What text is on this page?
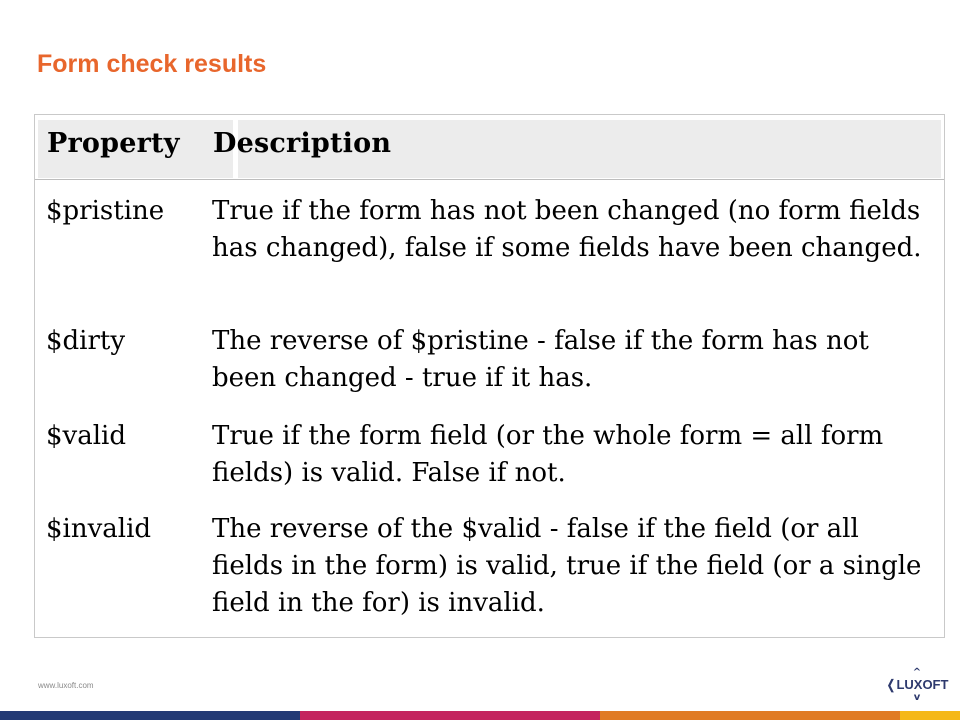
Form check results
Property Description
$pristine	True if the form has not been changed (no form fields has changed), false if some fields have been changed.
$dirty	The reverse of $pristine - false if the form has not been changed - true if it has.
$valid	True if the form field (or the whole form = all form fields) is valid. False if not.
$invalid	The reverse of the $valid - false if the field (or all fields in the form) is valid, true if the field (or a single field in the for) is invalid.
www.luxoft.com
^
❬LUXOFT
v
